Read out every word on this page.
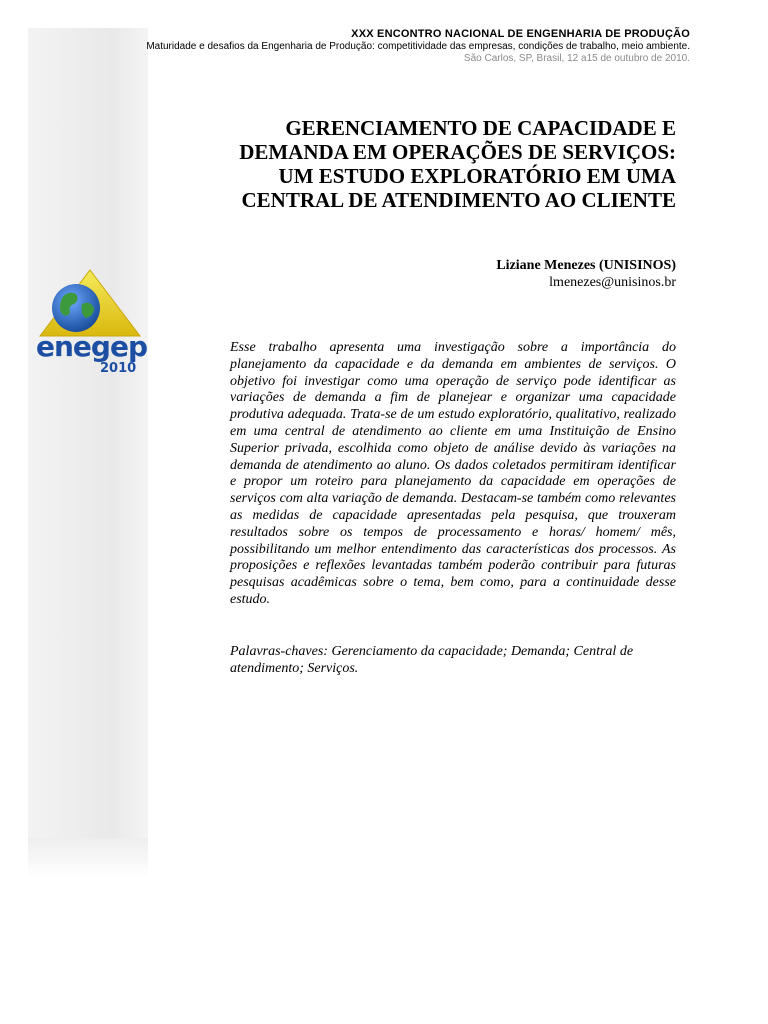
XXX ENCONTRO NACIONAL DE ENGENHARIA DE PRODUÇÃO
Maturidade e desafios da Engenharia de Produção: competitividade das empresas, condições de trabalho, meio ambiente.
São Carlos, SP, Brasil, 12 a15 de outubro de 2010.
enegep
2010
GERENCIAMENTO DE CAPACIDADE E DEMANDA EM OPERAÇÕES DE SERVIÇOS: UM ESTUDO EXPLORATÓRIO EM UMA CENTRAL DE ATENDIMENTO AO CLIENTE
Liziane Menezes (UNISINOS)
lmenezes@unisinos.br

Esse trabalho apresenta uma investigação sobre a importância do planejamento da capacidade e da demanda em ambientes de serviços. O objetivo foi investigar como uma operação de serviço pode identificar as variações de demanda a fim de planejear e organizar uma capacidade produtiva adequada. Trata-se de um estudo exploratório, qualitativo, realizado em uma central de atendimento ao cliente em uma Instituição de Ensino Superior privada, escolhida como objeto de análise devido às variações na demanda de atendimento ao aluno. Os dados coletados permitiram identificar e propor um roteiro para planejamento da capacidade em operações de serviços com alta variação de demanda. Destacam-se também como relevantes as medidas de capacidade apresentadas pela pesquisa, que trouxeram resultados sobre os tempos de processamento e horas/ homem/ mês, possibilitando um melhor entendimento das características dos processos. As proposições e reflexões levantadas também poderão contribuir para futuras pesquisas acadêmicas sobre o tema, bem como, para a continuidade desse estudo.

Palavras-chaves: Gerenciamento da capacidade; Demanda; Central de atendimento; Serviços.
